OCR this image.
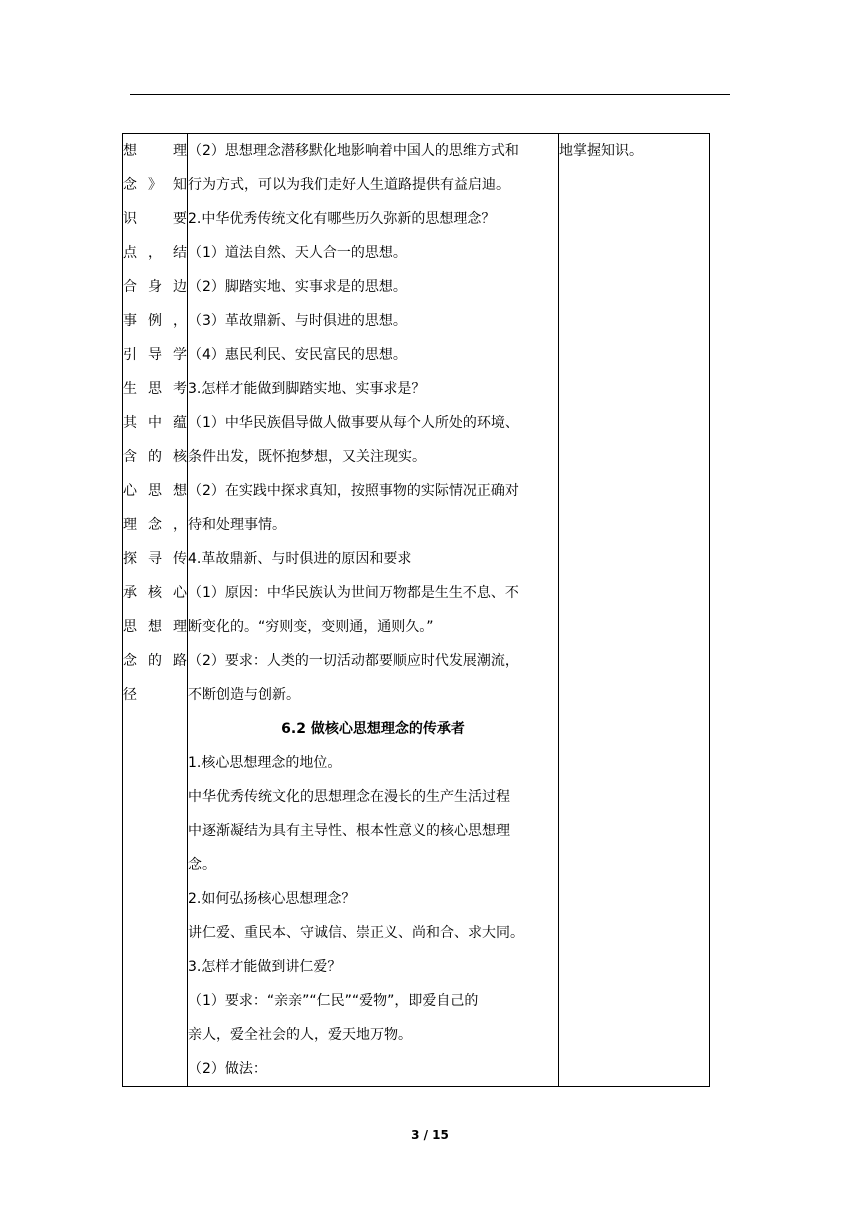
想　理
念》知
识　要
点，结
合身边
事例，
引导学
生思考
其中蕴
含的核
心思想
理念，
探寻传
承核心
思想理
念的路
径

（2）思想理念潜移默化地影响着中国人的思维方式和
行为方式，可以为我们走好人生道路提供有益启迪。
2.中华优秀传统文化有哪些历久弥新的思想理念？
（1）道法自然、天人合一的思想。
（2）脚踏实地、实事求是的思想。
（3）革故鼎新、与时俱进的思想。
（4）惠民利民、安民富民的思想。
3.怎样才能做到脚踏实地、实事求是？
（1）中华民族倡导做人做事要从每个人所处的环境、
条件出发，既怀抱梦想，又关注现实。
（2）在实践中探求真知，按照事物的实际情况正确对
待和处理事情。
4.革故鼎新、与时俱进的原因和要求
（1）原因：中华民族认为世间万物都是生生不息、不
断变化的。“穷则变，变则通，通则久。”
（2）要求：人类的一切活动都要顺应时代发展潮流，
不断创造与创新。
6.2 做核心思想理念的传承者
1.核心思想理念的地位。
中华优秀传统文化的思想理念在漫长的生产生活过程
中逐渐凝结为具有主导性、根本性意义的核心思想理
念。
2.如何弘扬核心思想理念？
讲仁爱、重民本、守诚信、崇正义、尚和合、求大同。
3.怎样才能做到讲仁爱？
（1）要求：“亲亲”“仁民”“爱物”，即爱自己的
亲人，爱全社会的人，爱天地万物。
（2）做法：

地掌握知识。
3 / 15
